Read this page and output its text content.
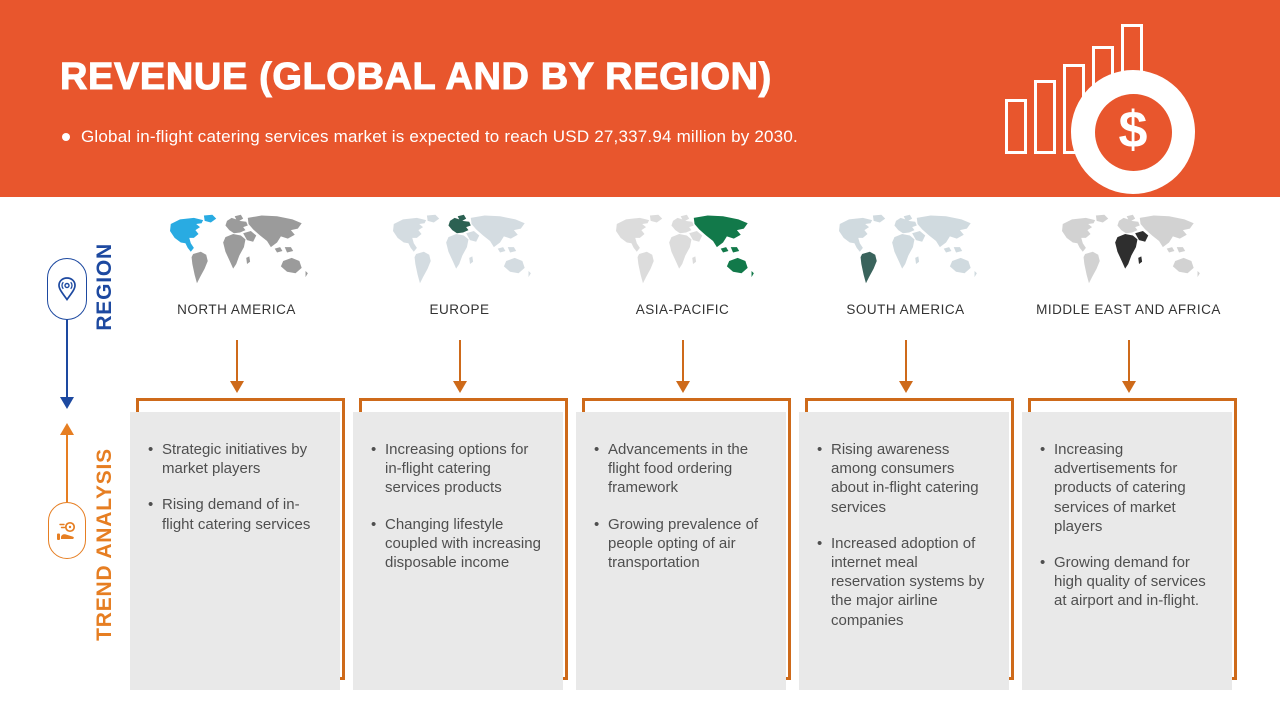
REVENUE (GLOBAL AND BY REGION)
Global in-flight catering services market is expected to reach USD 27,337.94 million by 2030.	$
REGION
TREND ANALYSIS
NORTH AMERICA
• Strategic initiatives by market players
• Rising demand of in-flight catering services
EUROPE
• Increasing options for in-flight catering services products
• Changing lifestyle coupled with increasing disposable income
ASIA-PACIFIC
• Advancements in the flight food ordering framework
• Growing prevalence of people opting of air transportation
SOUTH AMERICA
• Rising awareness among consumers about in-flight catering services
• Increased adoption of internet meal reservation systems by the major airline companies
MIDDLE EAST AND AFRICA
• Increasing advertisements for products of catering services of market players
• Growing demand for high quality of services at airport and in-flight.
